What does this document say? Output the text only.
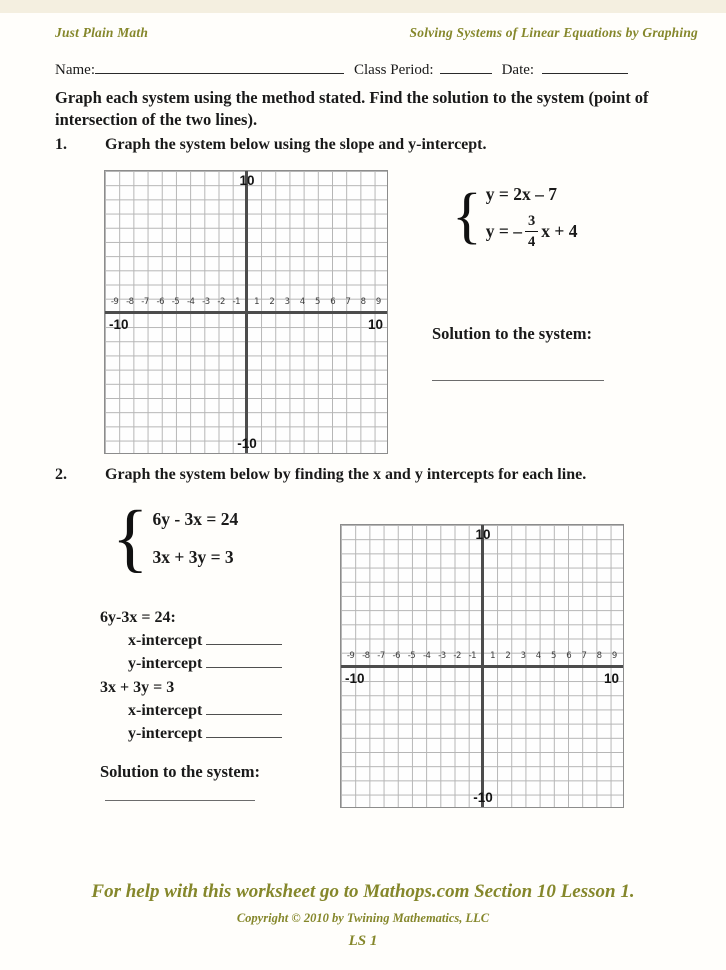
Just Plain Math	Solving Systems of Linear Equations by Graphing
Name:	Class Period:	Date:
Graph each system using the method stated. Find the solution to the system (point of intersection of the two lines).
1. Graph the system below using the slope and y-intercept.
-9 -8 -7 -6 -5 -4 -3 -2 -1 1 2 3 4 5 6 7 8 9
10
-10
-10	10
{ y = 2x – 7
y = – $\frac{3}{4}$ x + 4
Solution to the system:
2. Graph the system below by finding the x and y intercepts for each line.
{ 6y - 3x = 24
3x + 3y = 3
6y-3x = 24:
x-intercept
y-intercept
3x + 3y = 3
x-intercept
y-intercept
Solution to the system:
-9 -8 -7 -6 -5 -4 -3 -2 -1 1 2 3 4 5 6 7 8 9
10
-10
-10	10
For help with this worksheet go to Mathops.com Section 10 Lesson 1.
Copyright © 2010 by Twining Mathematics, LLC
LS 1
